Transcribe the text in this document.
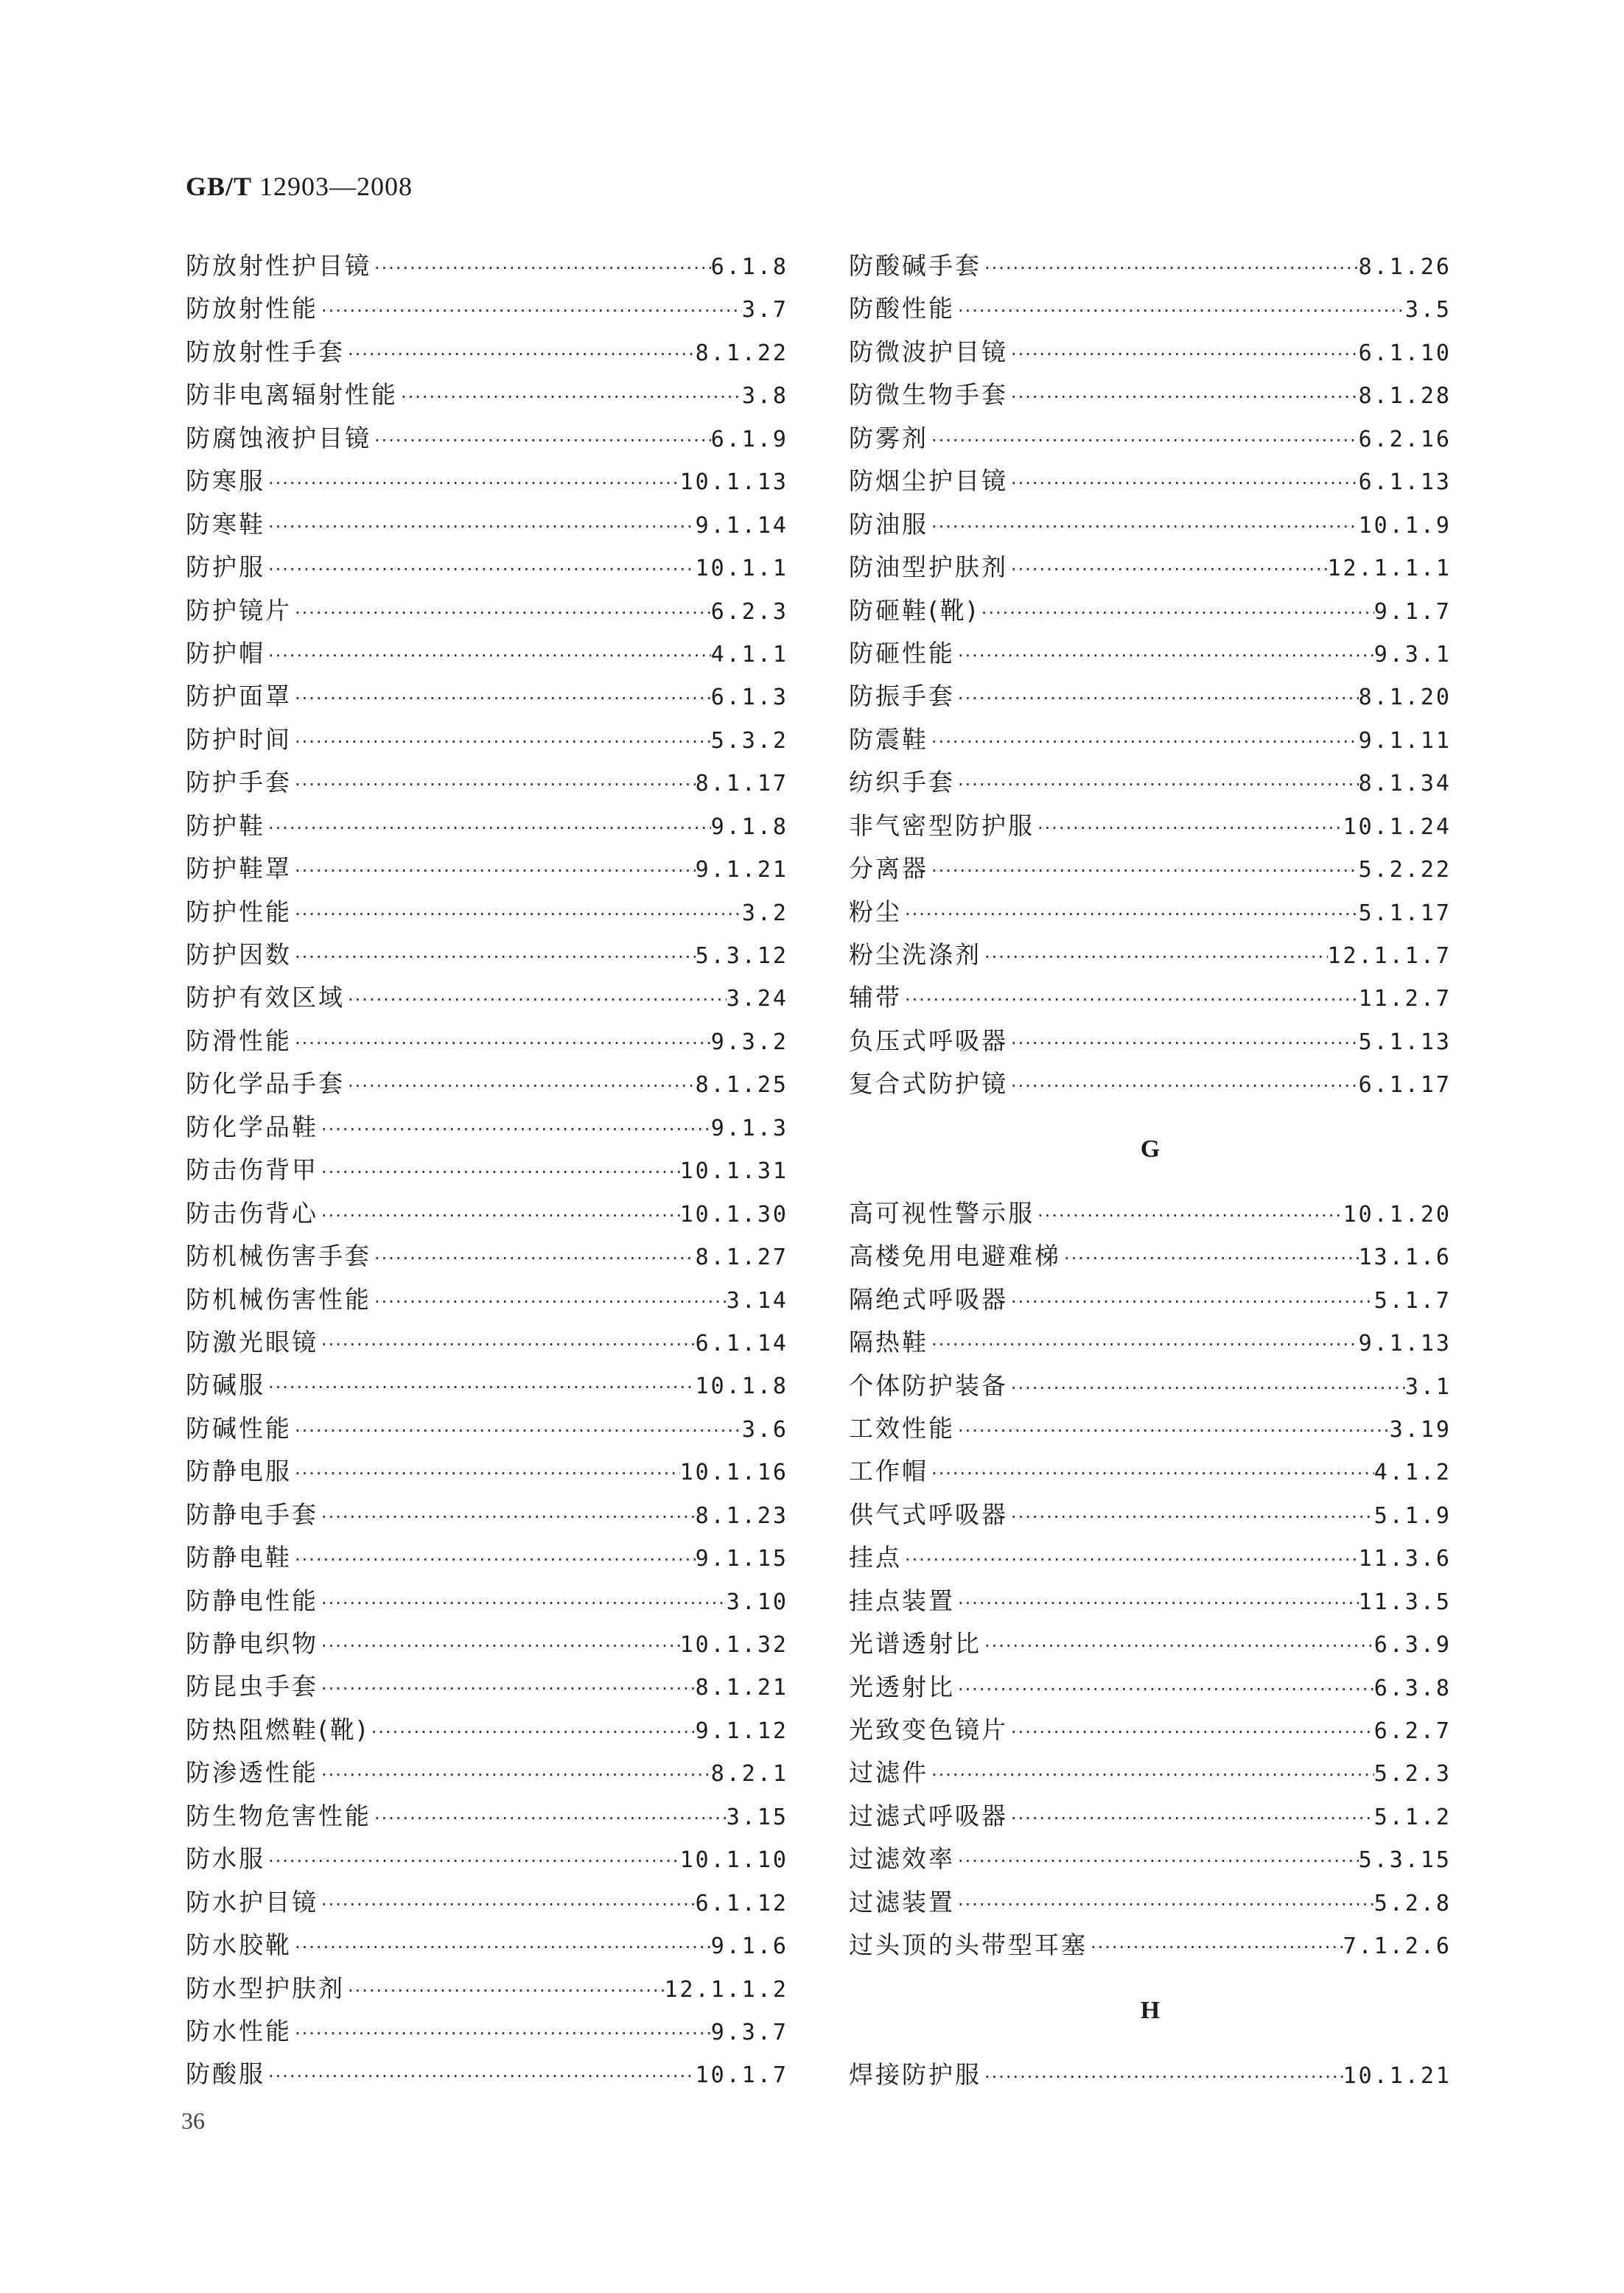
GB/T 12903—2008
防放射性护目镜 ·····	6.1.8
防放射性能 ·····	3.7
防放射性手套 ·····	8.1.22
防非电离辐射性能 ·····	3.8
防腐蚀液护目镜 ·····	6.1.9
防寒服 ·····	10.1.13
防寒鞋 ·····	9.1.14
防护服 ·····	10.1.1
防护镜片 ·····	6.2.3
防护帽 ·····	4.1.1
防护面罩 ·····	6.1.3
防护时间 ·····	5.3.2
防护手套 ·····	8.1.17
防护鞋 ·····	9.1.8
防护鞋罩 ·····	9.1.21
防护性能 ·····	3.2
防护因数 ·····	5.3.12
防护有效区域 ·····	3.24
防滑性能 ·····	9.3.2
防化学品手套 ·····	8.1.25
防化学品鞋 ·····	9.1.3
防击伤背甲 ·····	10.1.31
防击伤背心 ·····	10.1.30
防机械伤害手套 ·····	8.1.27
防机械伤害性能 ·····	3.14
防激光眼镜 ·····	6.1.14
防碱服 ·····	10.1.8
防碱性能 ·····	3.6
防静电服 ·····	10.1.16
防静电手套 ·····	8.1.23
防静电鞋 ·····	9.1.15
防静电性能 ·····	3.10
防静电织物 ·····	10.1.32
防昆虫手套 ·····	8.1.21
防热阻燃鞋(靴) ·····	9.1.12
防渗透性能 ·····	8.2.1
防生物危害性能 ·····	3.15
防水服 ·····	10.1.10
防水护目镜 ·····	6.1.12
防水胶靴 ·····	9.1.6
防水型护肤剂 ·····	12.1.1.2
防水性能 ·····	9.3.7
防酸服 ·····	10.1.7
防酸碱手套 ·····	8.1.26
防酸性能 ·····	3.5
防微波护目镜 ·····	6.1.10
防微生物手套 ·····	8.1.28
防雾剂 ·····	6.2.16
防烟尘护目镜 ·····	6.1.13
防油服 ·····	10.1.9
防油型护肤剂 ·····	12.1.1.1
防砸鞋(靴) ·····	9.1.7
防砸性能 ·····	9.3.1
防振手套 ·····	8.1.20
防震鞋 ·····	9.1.11
纺织手套 ·····	8.1.34
非气密型防护服 ·····	10.1.24
分离器 ·····	5.2.22
粉尘 ·····	5.1.17
粉尘洗涤剂 ·····	12.1.1.7
辅带 ·····	11.2.7
负压式呼吸器 ·····	5.1.13
复合式防护镜 ·····	6.1.17
G
高可视性警示服 ·····	10.1.20
高楼免用电避难梯 ·····	13.1.6
隔绝式呼吸器 ·····	5.1.7
隔热鞋 ·····	9.1.13
个体防护装备 ·····	3.1
工效性能 ·····	3.19
工作帽 ·····	4.1.2
供气式呼吸器 ·····	5.1.9
挂点 ·····	11.3.6
挂点装置 ·····	11.3.5
光谱透射比 ·····	6.3.9
光透射比 ·····	6.3.8
光致变色镜片 ·····	6.2.7
过滤件 ·····	5.2.3
过滤式呼吸器 ·····	5.1.2
过滤效率 ·····	5.3.15
过滤装置 ·····	5.2.8
过头顶的头带型耳塞 ·····	7.1.2.6
H
焊接防护服 ·····	10.1.21
36
